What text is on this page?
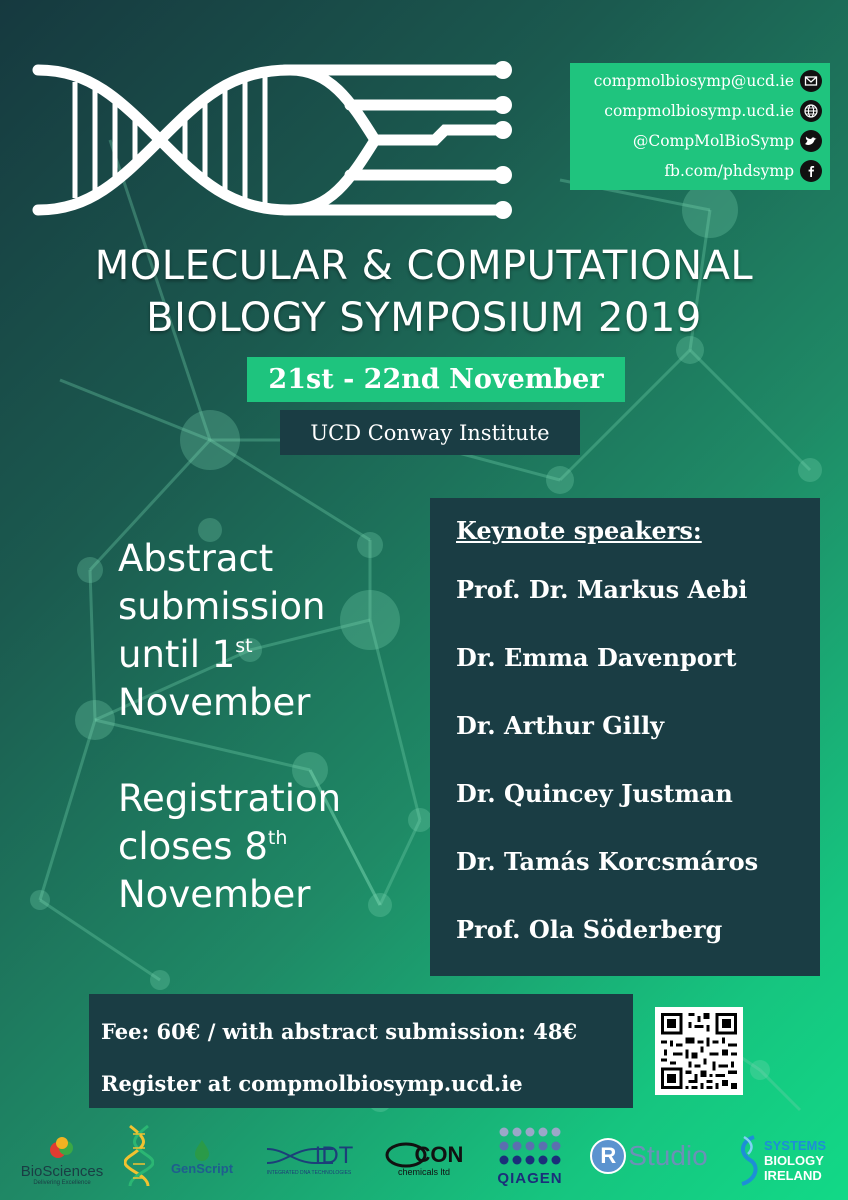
compmolbiosymp@ucd.ie
compmolbiosymp.ucd.ie
@CompMolBioSymp
fb.com/phdsymp
MOLECULAR & COMPUTATIONAL
BIOLOGY SYMPOSIUM 2019
21st - 22nd November
UCD Conway Institute

Abstract

submission

until 1st

November

Registration

closes 8th

November

Keynote speakers:
Prof. Dr. Markus Aebi
Dr. Emma Davenport
Dr. Arthur Gilly
Dr. Quincey Justman
Dr. Tamás Korcsmáros
Prof. Ola Söderberg
Fee: 60€ / with abstract submission: 48€
Register at compmolbiosymp.ucd.ie
BioSciences
Delivering Excellence
GenScript	IDT
INTEGRATED DNA TECHNOLOGIES
CON
chemicals ltd	QIAGEN
R Studio	SYSTEMS
BIOLOGY
IRELAND
